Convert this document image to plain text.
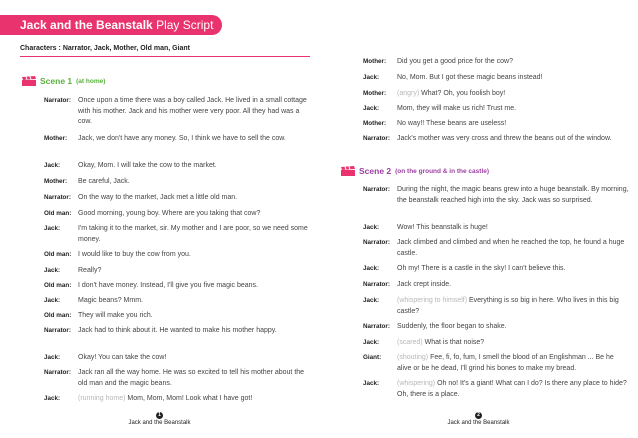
Jack and the Beanstalk Play Script
Characters : Narrator, Jack, Mother, Old man, Giant
Scene 1 (at home)
Narrator:	Once upon a time there was a boy called Jack. He lived in a small cottage with his mother. Jack and his mother were very poor. All they had was a cow.
Mother:	Jack, we don't have any money. So, I think we have to sell the cow.
Jack:	Okay, Mom. I will take the cow to the market.
Mother:	Be careful, Jack.
Narrator:	On the way to the market, Jack met a little old man.
Old man: Good morning, young boy. Where are you taking that cow?
Jack:	I'm taking it to the market, sir. My mother and I are poor, so we need some money.
Old man: I would like to buy the cow from you.
Jack:	Really?
Old man: I don't have money. Instead, I'll give you five magic beans.
Jack:	Magic beans? Mmm.
Old man: They will make you rich.
Narrator:	Jack had to think about it. He wanted to make his mother happy.
Jack:	Okay! You can take the cow!
Narrator:	Jack ran all the way home. He was so excited to tell his mother about the old man and the magic beans.
Jack:	(running home) Mom, Mom, Mom! Look what I have got!
1
Jack and the Beanstalk
Mother:	Did you get a good price for the cow?
Jack:	No, Mom. But I got these magic beans instead!
Mother:	(angry) What? Oh, you foolish boy!
Jack:	Mom, they will make us rich! Trust me.
Mother:	No way!! These beans are useless!
Narrator:	Jack's mother was very cross and threw the beans out of the window.
Scene 2 (on the ground & in the castle)
Narrator:	During the night, the magic beans grew into a huge beanstalk. By morning, the beanstalk reached high into the sky. Jack was so surprised.
Jack:	Wow! This beanstalk is huge!
Narrator:	Jack climbed and climbed and when he reached the top, he found a huge castle.
Jack:	Oh my! There is a castle in the sky! I can't believe this.
Narrator:	Jack crept inside.
Jack:	(whispering to himself) Everything is so big in here. Who lives in this big castle?
Narrator:	Suddenly, the floor began to shake.
Jack:	(scared) What is that noise?
Giant:	(shouting) Fee, fi, fo, fum, I smell the blood of an Englishman ... Be he alive or be he dead, I'll grind his bones to make my bread.
Jack:	(whispering) Oh no! It's a giant! What can I do? Is there any place to hide? Oh, there is a place.
2
Jack and the Beanstalk
